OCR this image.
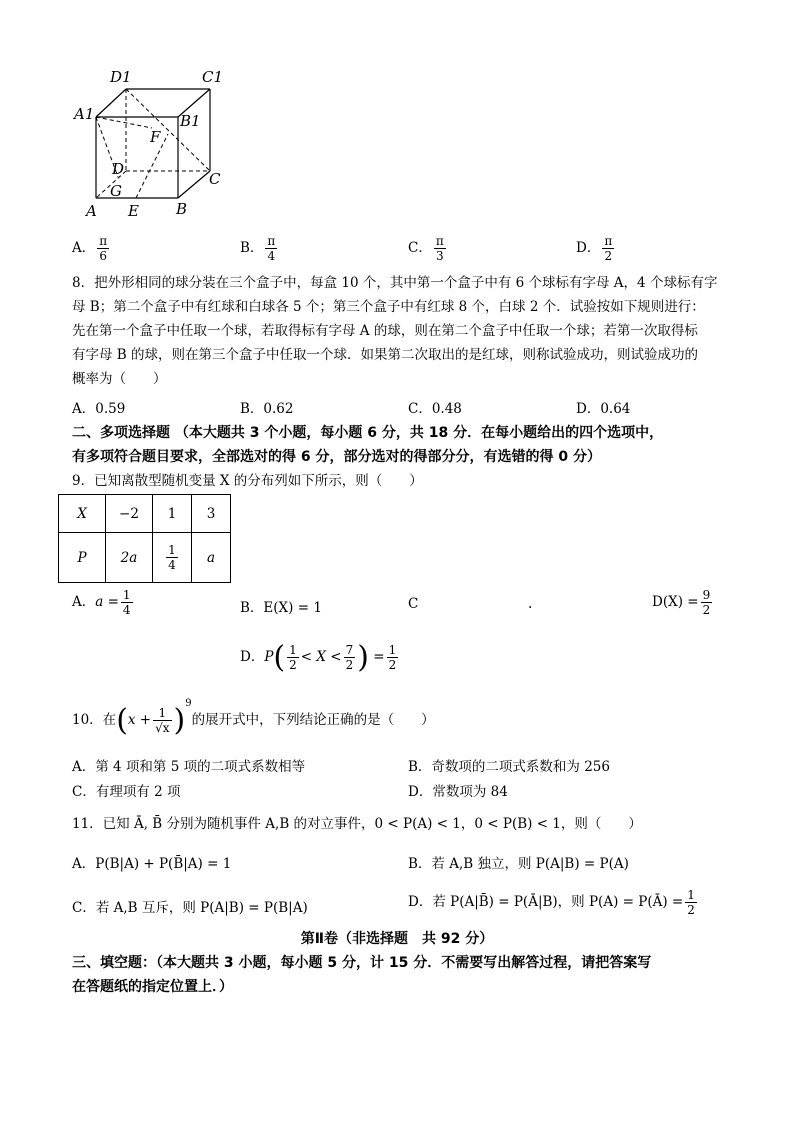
D1	C1
A1	B1
F
D
C
G
A E B
A． $\frac{\pi}{6}$	B． $\frac{\pi}{4}$	C． $\frac{\pi}{3}$	D． $\frac{\pi}{2}$
8．把外形相同的球分装在三个盒子中，每盒 10 个，其中第一个盒子中有 6 个球标有字母 A，4 个球标有字
母 B；第二个盒子中有红球和白球各 5 个；第三个盒子中有红球 8 个，白球 2 个．试验按如下规则进行：
先在第一个盒子中任取一个球，若取得标有字母 A 的球，则在第二个盒子中任取一个球；若第一次取得标
有字母 B 的球，则在第三个盒子中任取一个球．如果第二次取出的是红球，则称试验成功，则试验成功的
概率为（　　）
A．0.59	B．0.62	C．0.48	D．0.64
二、多项选择题 （本大题共 3 个小题，每小题 6 分，共 18 分．在每小题给出的四个选项中，
有多项符合题目要求，全部选对的得 6 分，部分选对的得部分分，有选错的得 0 分）
9．已知离散型随机变量 X 的分布列如下所示，则（　　）
X	−2	1	3
P	2a	$\frac{1}{4}$	a
A．$a = \frac{1}{4}$	B．E(X) = 1	C	.	$D(X) = \frac{9}{2}$
D．$P( \frac{1}{2} < X < \frac{7}{2}$ ) = $\frac{1}{2}$
10．在$(x + \frac{1}{√x} )^9$的展开式中，下列结论正确的是（　　）
A．第 4 项和第 5 项的二项式系数相等	B．奇数项的二项式系数和为 256
C．有理项有 2 项	D．常数项为 84
11．已知 Ā, B̄ 分别为随机事件 A,B 的对立事件，0 < P(A) < 1，0 < P(B) < 1，则（　　）
A．P(B|A) + P(B̄|A) = 1	B．若 A,B 独立，则 P(A|B) = P(A)
C．若 A,B 互斥，则 P(A|B) = P(B|A)	D．若 P(A|B̄) = P(Ā|B)，则 P(A) = P(Ā) = $\frac{1}{2}$
第Ⅱ卷（非选择题　共 92 分）
三、填空题：（本大题共 3 小题，每小题 5 分，计 15 分．不需要写出解答过程，请把答案写
在答题纸的指定位置上．）
